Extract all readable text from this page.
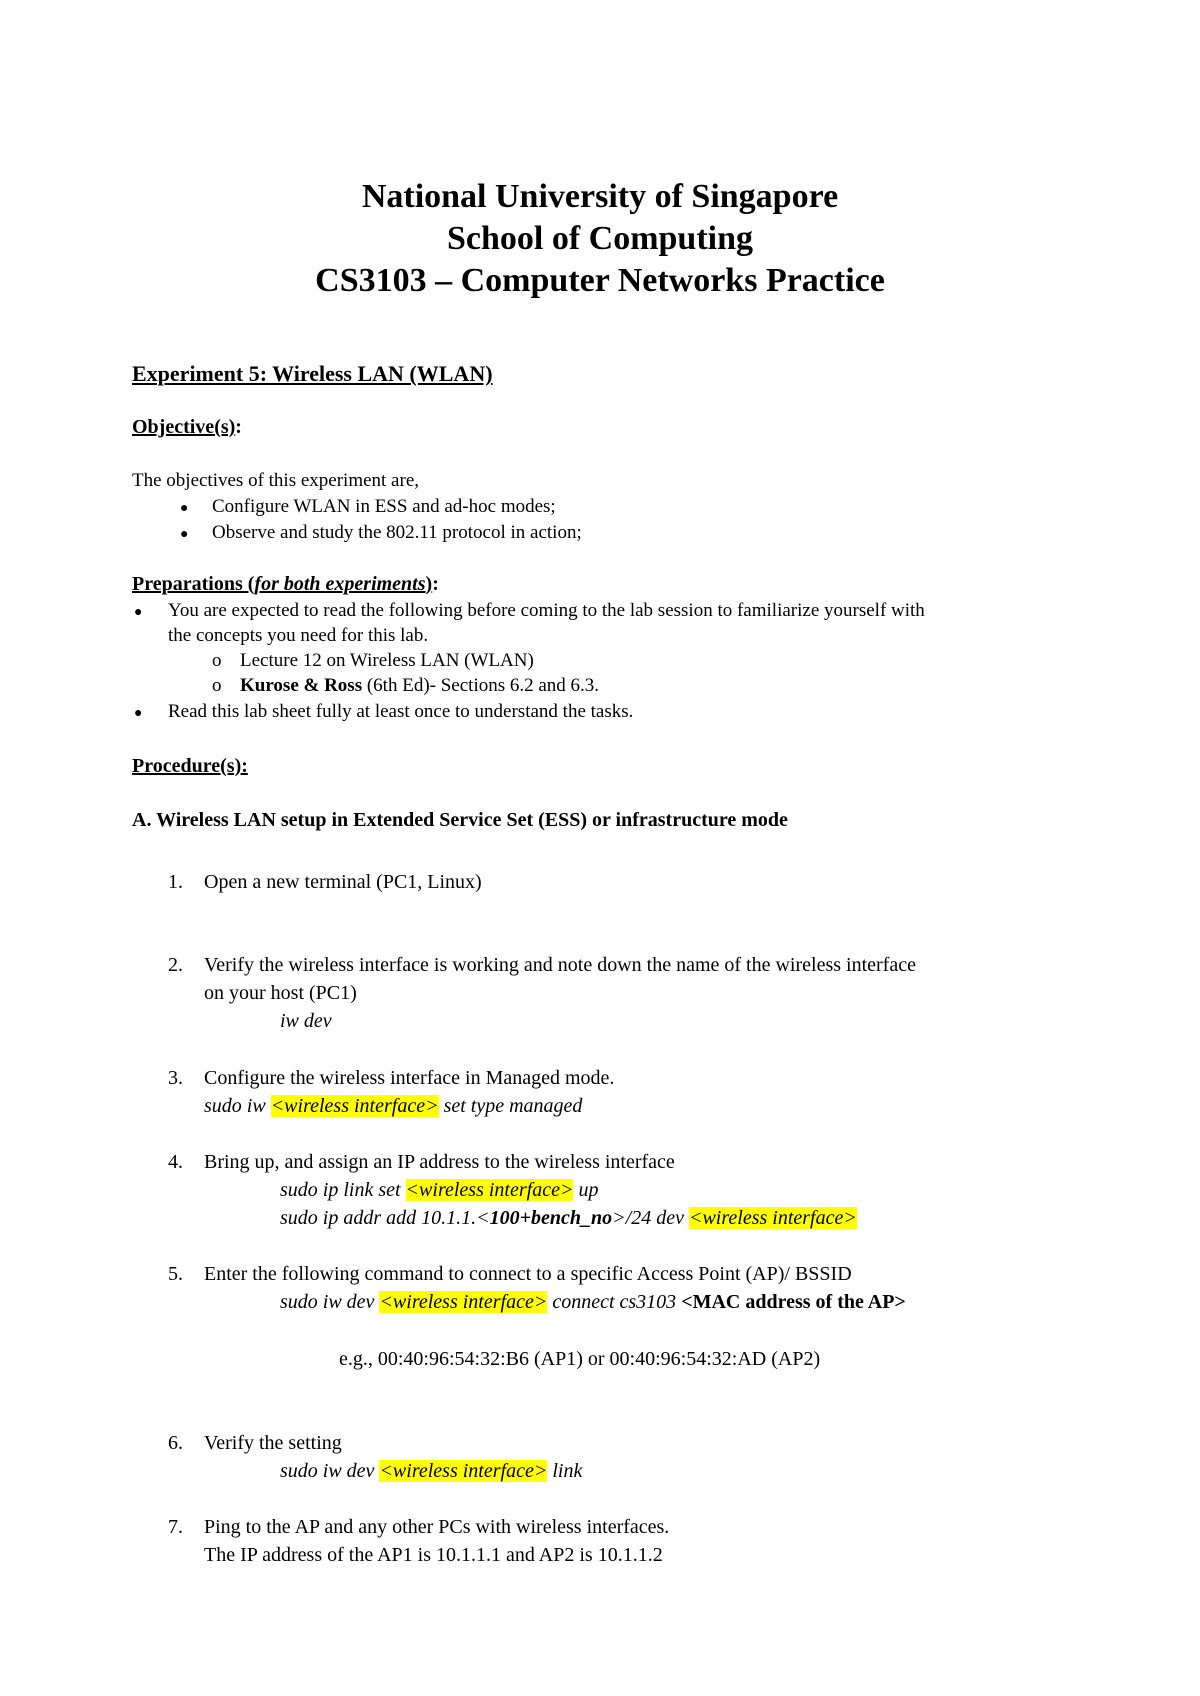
National University of Singapore
School of Computing
CS3103 – Computer Networks Practice
Experiment 5: Wireless LAN (WLAN)
Objective(s):
The objectives of this experiment are,
● Configure WLAN in ESS and ad-hoc modes;
● Observe and study the 802.11 protocol in action;
Preparations (for both experiments):
● You are expected to read the following before coming to the lab session to familiarize yourself with
the concepts you need for this lab.
o Lecture 12 on Wireless LAN (WLAN)
o Kurose & Ross (6th Ed)- Sections 6.2 and 6.3.
● Read this lab sheet fully at least once to understand the tasks.
Procedure(s):
A. Wireless LAN setup in Extended Service Set (ESS) or infrastructure mode
1. Open a new terminal (PC1, Linux)
2. Verify the wireless interface is working and note down the name of the wireless interface
on your host (PC1)
iw dev
3. Configure the wireless interface in Managed mode.
sudo iw <wireless interface> set type managed
4. Bring up, and assign an IP address to the wireless interface
sudo ip link set <wireless interface> up
sudo ip addr add 10.1.1.<100+bench_no>/24 dev <wireless interface>
5. Enter the following command to connect to a specific Access Point (AP)/ BSSID
sudo iw dev <wireless interface> connect cs3103 <MAC address of the AP>
e.g., 00:40:96:54:32:B6 (AP1) or 00:40:96:54:32:AD (AP2)
6. Verify the setting
sudo iw dev <wireless interface> link
7. Ping to the AP and any other PCs with wireless interfaces.
The IP address of the AP1 is 10.1.1.1 and AP2 is 10.1.1.2
